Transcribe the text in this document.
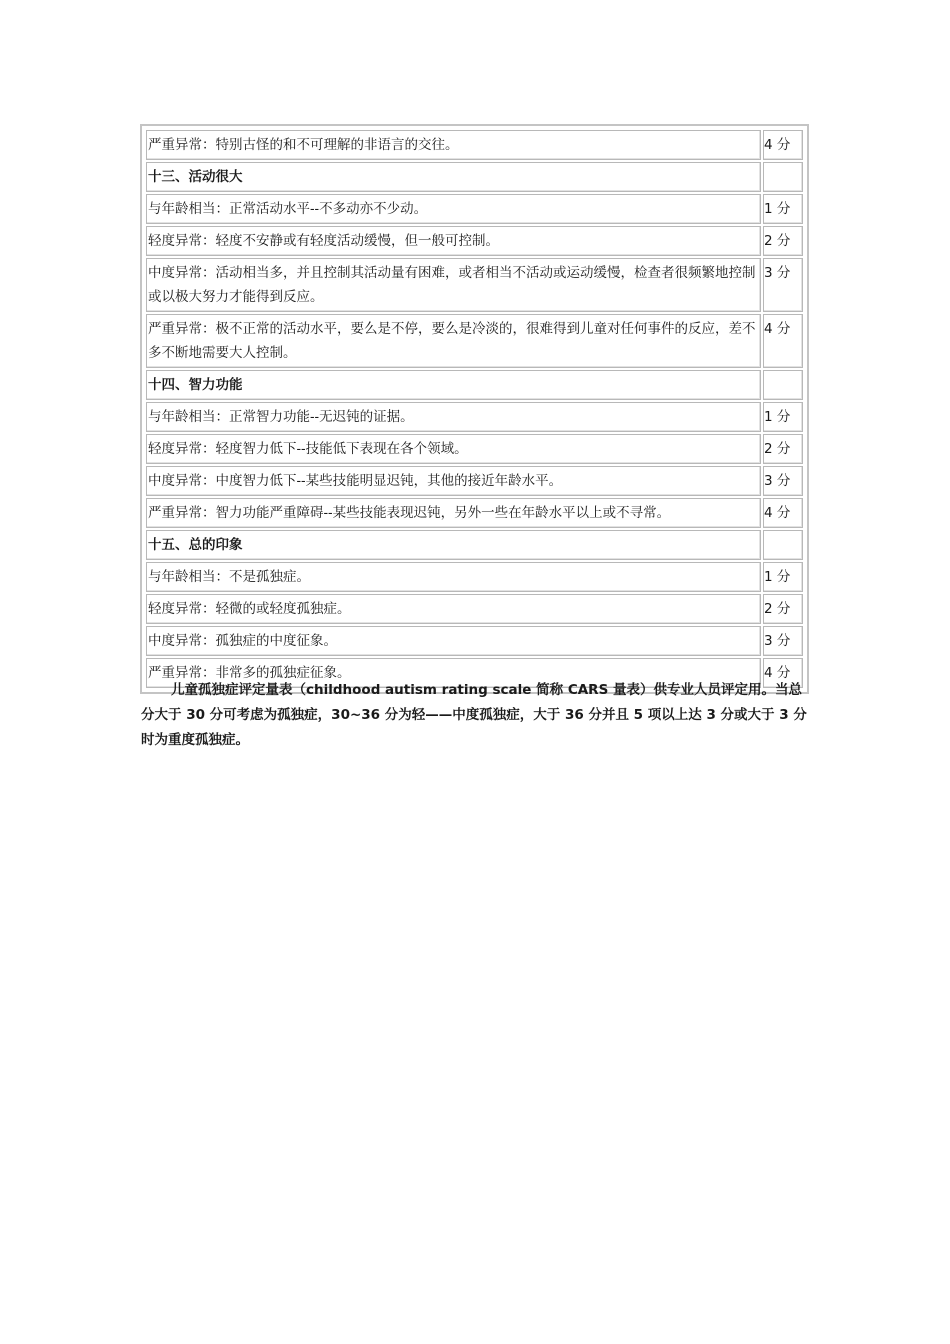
严重异常：特别古怪的和不可理解的非语言的交往。	4 分
十三、活动很大	
与年龄相当：正常活动水平--不多动亦不少动。	1 分
轻度异常：轻度不安静或有轻度活动缓慢，但一般可控制。	2 分
中度异常：活动相当多，并且控制其活动量有困难，或者相当不活动或运动缓慢，检查者很频繁地控制或以极大努力才能得到反应。	3 分
严重异常：极不正常的活动水平，要么是不停，要么是冷淡的，很难得到儿童对任何事件的反应，差不多不断地需要大人控制。	4 分
十四、智力功能	
与年龄相当：正常智力功能--无迟钝的证据。	1 分
轻度异常：轻度智力低下--技能低下表现在各个领域。	2 分
中度异常：中度智力低下--某些技能明显迟钝，其他的接近年龄水平。	3 分
严重异常：智力功能严重障碍--某些技能表现迟钝，另外一些在年龄水平以上或不寻常。	4 分
十五、总的印象	
与年龄相当：不是孤独症。	1 分
轻度异常：轻微的或轻度孤独症。	2 分
中度异常：孤独症的中度征象。	3 分
严重异常：非常多的孤独症征象。	4 分

儿童孤独症评定量表（childhood autism rating scale 简称 CARS 量表）供专业人员评定用。当总分大于 30 分可考虑为孤独症，30~36 分为轻——中度孤独症，大于 36 分并且 5 项以上达 3 分或大于 3 分时为重度孤独症。
